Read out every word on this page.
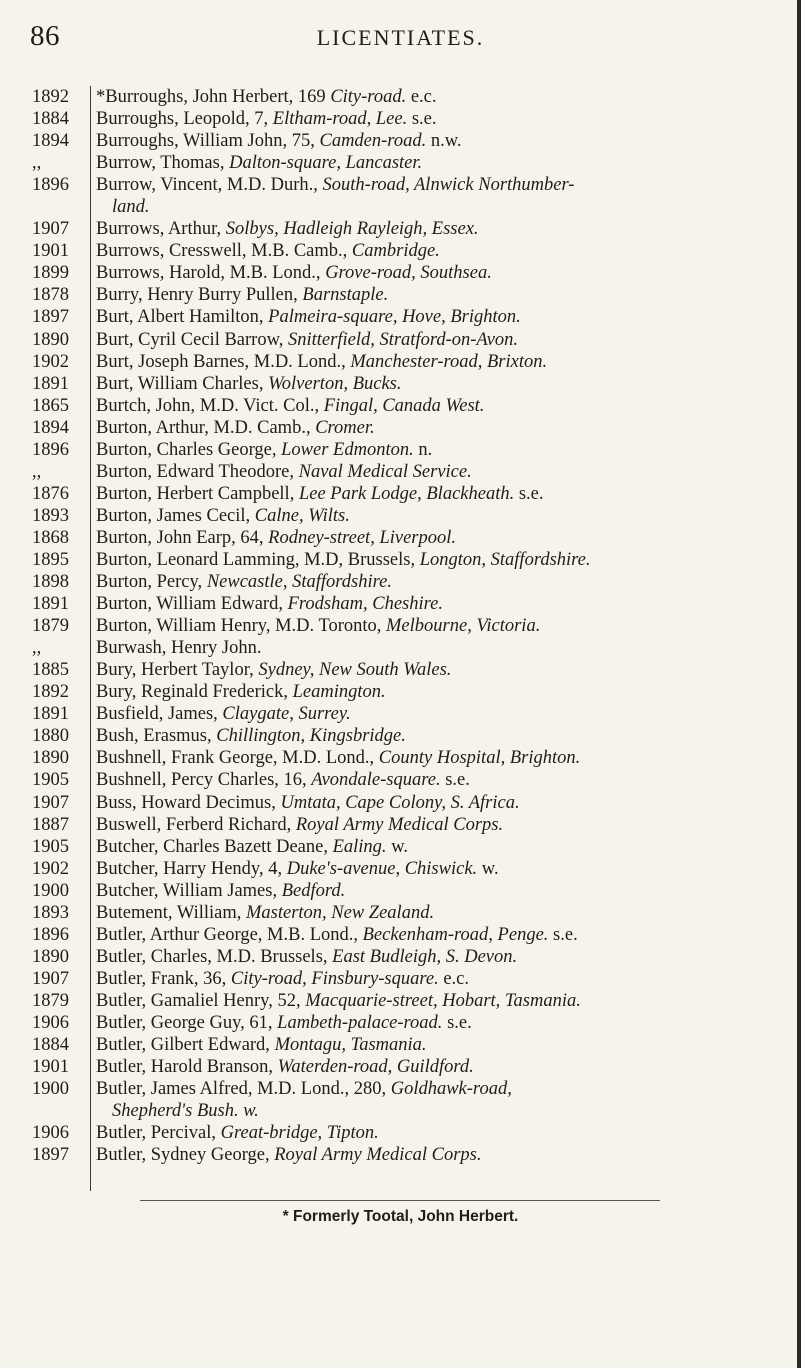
86	LICENTIATES.
1892	*Burroughs, John Herbert, 169 City-road. e.c.
1884	Burroughs, Leopold, 7, Eltham-road, Lee. s.e.
1894	Burroughs, William John, 75, Camden-road. n.w.
,,	Burrow, Thomas, Dalton-square, Lancaster.
1896	Burrow, Vincent, M.D. Durh., South-road, Alnwick Northumber-
land.
1907	Burrows, Arthur, Solbys, Hadleigh Rayleigh, Essex.
1901	Burrows, Cresswell, M.B. Camb., Cambridge.
1899	Burrows, Harold, M.B. Lond., Grove-road, Southsea.
1878	Burry, Henry Burry Pullen, Barnstaple.
1897	Burt, Albert Hamilton, Palmeira-square, Hove, Brighton.
1890	Burt, Cyril Cecil Barrow, Snitterfield, Stratford-on-Avon.
1902	Burt, Joseph Barnes, M.D. Lond., Manchester-road, Brixton.
1891	Burt, William Charles, Wolverton, Bucks.
1865	Burtch, John, M.D. Vict. Col., Fingal, Canada West.
1894	Burton, Arthur, M.D. Camb., Cromer.
1896	Burton, Charles George, Lower Edmonton. n.
,,	Burton, Edward Theodore, Naval Medical Service.
1876	Burton, Herbert Campbell, Lee Park Lodge, Blackheath. s.e.
1893	Burton, James Cecil, Calne, Wilts.
1868	Burton, John Earp, 64, Rodney-street, Liverpool.
1895	Burton, Leonard Lamming, M.D, Brussels, Longton, Staffordshire.
1898	Burton, Percy, Newcastle, Staffordshire.
1891	Burton, William Edward, Frodsham, Cheshire.
1879	Burton, William Henry, M.D. Toronto, Melbourne, Victoria.
,,	Burwash, Henry John.
1885	Bury, Herbert Taylor, Sydney, New South Wales.
1892	Bury, Reginald Frederick, Leamington.
1891	Busfield, James, Claygate, Surrey.
1880	Bush, Erasmus, Chillington, Kingsbridge.
1890	Bushnell, Frank George, M.D. Lond., County Hospital, Brighton.
1905	Bushnell, Percy Charles, 16, Avondale-square. s.e.
1907	Buss, Howard Decimus, Umtata, Cape Colony, S. Africa.
1887	Buswell, Ferberd Richard, Royal Army Medical Corps.
1905	Butcher, Charles Bazett Deane, Ealing. w.
1902	Butcher, Harry Hendy, 4, Duke's-avenue, Chiswick. w.
1900	Butcher, William James, Bedford.
1893	Butement, William, Masterton, New Zealand.
1896	Butler, Arthur George, M.B. Lond., Beckenham-road, Penge. s.e.
1890	Butler, Charles, M.D. Brussels, East Budleigh, S. Devon.
1907	Butler, Frank, 36, City-road, Finsbury-square. e.c.
1879	Butler, Gamaliel Henry, 52, Macquarie-street, Hobart, Tasmania.
1906	Butler, George Guy, 61, Lambeth-palace-road. s.e.
1884	Butler, Gilbert Edward, Montagu, Tasmania.
1901	Butler, Harold Branson, Waterden-road, Guildford.
1900	Butler, James Alfred, M.D. Lond., 280, Goldhawk-road,
Shepherd's Bush. w.
1906	Butler, Percival, Great-bridge, Tipton.
1897	Butler, Sydney George, Royal Army Medical Corps.
* Formerly Tootal, John Herbert.
